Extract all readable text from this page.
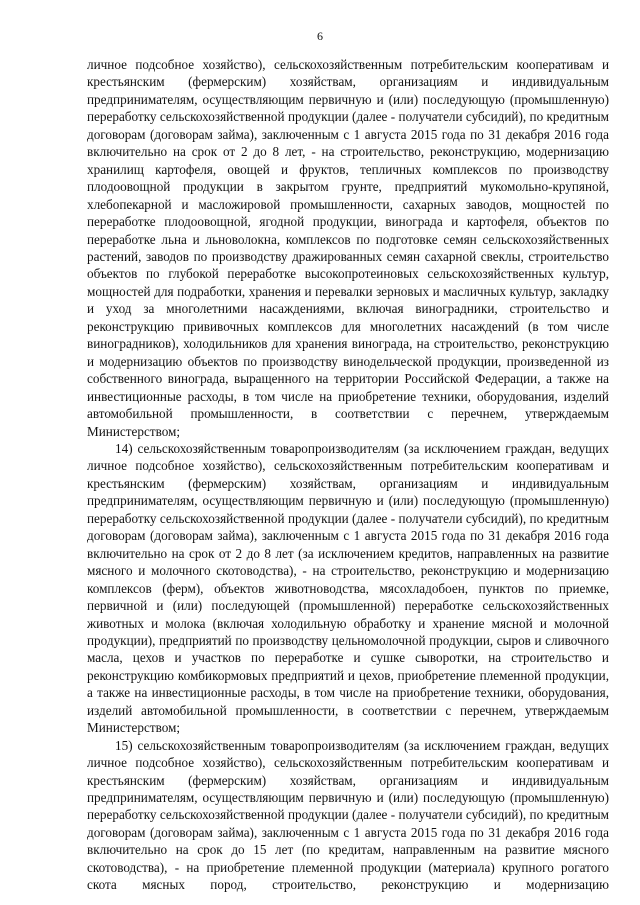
6

личное подсобное хозяйство), сельскохозяйственным потребительским кооперативам и крестьянским (фермерским) хозяйствам, организациям и индивидуальным предпринимателям, осуществляющим первичную и (или) последующую (промышленную) переработку сельскохозяйственной продукции (далее - получатели субсидий), по кредитным договорам (договорам займа), заключенным с 1 августа 2015 года по 31 декабря 2016 года включительно на срок от 2 до 8 лет, - на строительство, реконструкцию, модернизацию хранилищ картофеля, овощей и фруктов, тепличных комплексов по производству плодоовощной продукции в закрытом грунте, предприятий мукомольно-крупяной, хлебопекарной и масложировой промышленности, сахарных заводов, мощностей по переработке плодоовощной, ягодной продукции, винограда и картофеля, объектов по переработке льна и льноволокна, комплексов по подготовке семян сельскохозяйственных растений, заводов по производству дражированных семян сахарной свеклы, строительство объектов по глубокой переработке высокопротеиновых сельскохозяйственных культур, мощностей для подработки, хранения и перевалки зерновых и масличных культур, закладку и уход за многолетними насаждениями, включая виноградники, строительство и реконструкцию прививочных комплексов для многолетних насаждений (в том числе виноградников), холодильников для хранения винограда, на строительство, реконструкцию и модернизацию объектов по производству винодельческой продукции, произведенной из собственного винограда, выращенного на территории Российской Федерации, а также на инвестиционные расходы, в том числе на приобретение техники, оборудования, изделий автомобильной промышленности, в соответствии с перечнем, утверждаемым Министерством;

14) сельскохозяйственным товаропроизводителям (за исключением граждан, ведущих личное подсобное хозяйство), сельскохозяйственным потребительским кооперативам и крестьянским (фермерским) хозяйствам, организациям и индивидуальным предпринимателям, осуществляющим первичную и (или) последующую (промышленную) переработку сельскохозяйственной продукции (далее - получатели субсидий), по кредитным договорам (договорам займа), заключенным с 1 августа 2015 года по 31 декабря 2016 года включительно на срок от 2 до 8 лет (за исключением кредитов, направленных на развитие мясного и молочного скотоводства), - на строительство, реконструкцию и модернизацию комплексов (ферм), объектов животноводства, мясохладобоен, пунктов по приемке, первичной и (или) последующей (промышленной) переработке сельскохозяйственных животных и молока (включая холодильную обработку и хранение мясной и молочной продукции), предприятий по производству цельномолочной продукции, сыров и сливочного масла, цехов и участков по переработке и сушке сыворотки, на строительство и реконструкцию комбикормовых предприятий и цехов, приобретение племенной продукции, а также на инвестиционные расходы, в том числе на приобретение техники, оборудования, изделий автомобильной промышленности, в соответствии с перечнем, утверждаемым Министерством;

15) сельскохозяйственным товаропроизводителям (за исключением граждан, ведущих личное подсобное хозяйство), сельскохозяйственным потребительским кооперативам и крестьянским (фермерским) хозяйствам, организациям и индивидуальным предпринимателям, осуществляющим первичную и (или) последующую (промышленную) переработку сельскохозяйственной продукции (далее - получатели субсидий), по кредитным договорам (договорам займа), заключенным с 1 августа 2015 года по 31 декабря 2016 года включительно на срок до 15 лет (по кредитам, направленным на развитие мясного скотоводства), - на приобретение племенной продукции (материала) крупного рогатого скота мясных пород, строительство, реконструкцию и модернизацию
